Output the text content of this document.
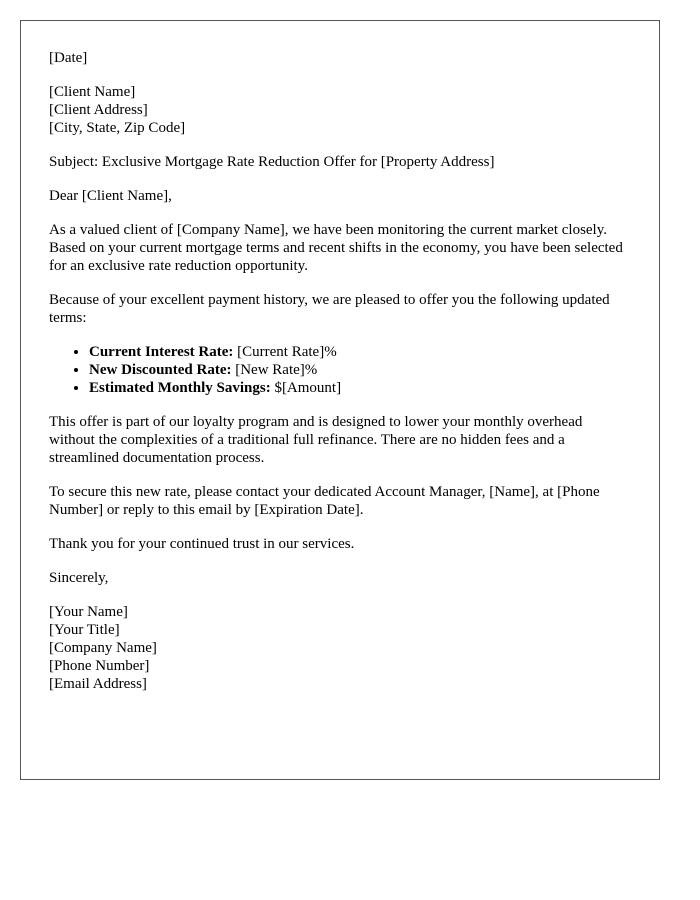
[Date]

[Client Name]
[Client Address]
[City, State, Zip Code]

Subject: Exclusive Mortgage Rate Reduction Offer for [Property Address]

Dear [Client Name],

As a valued client of [Company Name], we have been monitoring the current market closely. Based on your current mortgage terms and recent shifts in the economy, you have been selected for an exclusive rate reduction opportunity.

Because of your excellent payment history, we are pleased to offer you the following updated terms:

• Current Interest Rate: [Current Rate]%
• New Discounted Rate: [New Rate]%
• Estimated Monthly Savings: $[Amount]

This offer is part of our loyalty program and is designed to lower your monthly overhead without the complexities of a traditional full refinance. There are no hidden fees and a streamlined documentation process.

To secure this new rate, please contact your dedicated Account Manager, [Name], at [Phone Number] or reply to this email by [Expiration Date].

Thank you for your continued trust in our services.

Sincerely,

[Your Name]
[Your Title]
[Company Name]
[Phone Number]
[Email Address]
